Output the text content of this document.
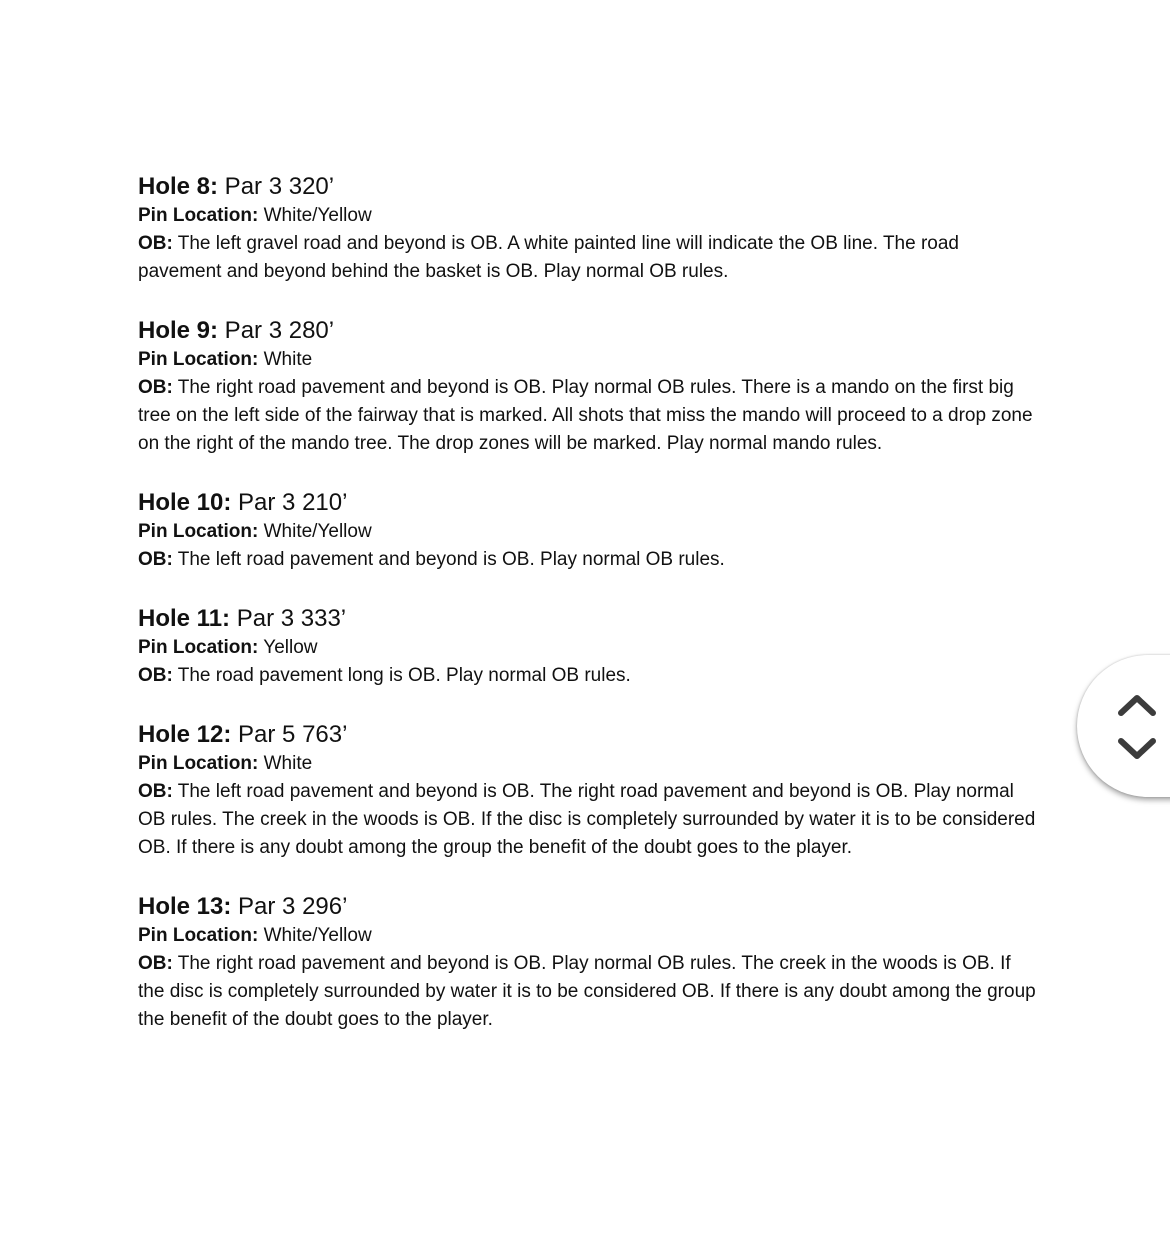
Hole 8: Par 3 320’

Pin Location: White/Yellow

OB: The left gravel road and beyond is OB. A white painted line will indicate the OB line. The road pavement and beyond behind the basket is OB. Play normal OB rules.

Hole 9: Par 3 280’

Pin Location: White

OB: The right road pavement and beyond is OB. Play normal OB rules. There is a mando on the first big tree on the left side of the fairway that is marked. All shots that miss the mando will proceed to a drop zone on the right of the mando tree. The drop zones will be marked. Play normal mando rules.

Hole 10: Par 3 210’

Pin Location: White/Yellow

OB: The left road pavement and beyond is OB. Play normal OB rules.

Hole 11: Par 3 333’

Pin Location: Yellow

OB: The road pavement long is OB. Play normal OB rules.

Hole 12: Par 5 763’

Pin Location: White

OB: The left road pavement and beyond is OB. The right road pavement and beyond is OB. Play normal OB rules. The creek in the woods is OB. If the disc is completely surrounded by water it is to be considered OB. If there is any doubt among the group the benefit of the doubt goes to the player.

Hole 13: Par 3 296’

Pin Location: White/Yellow

OB: The right road pavement and beyond is OB. Play normal OB rules. The creek in the woods is OB. If the disc is completely surrounded by water it is to be considered OB. If there is any doubt among the group the benefit of the doubt goes to the player.
